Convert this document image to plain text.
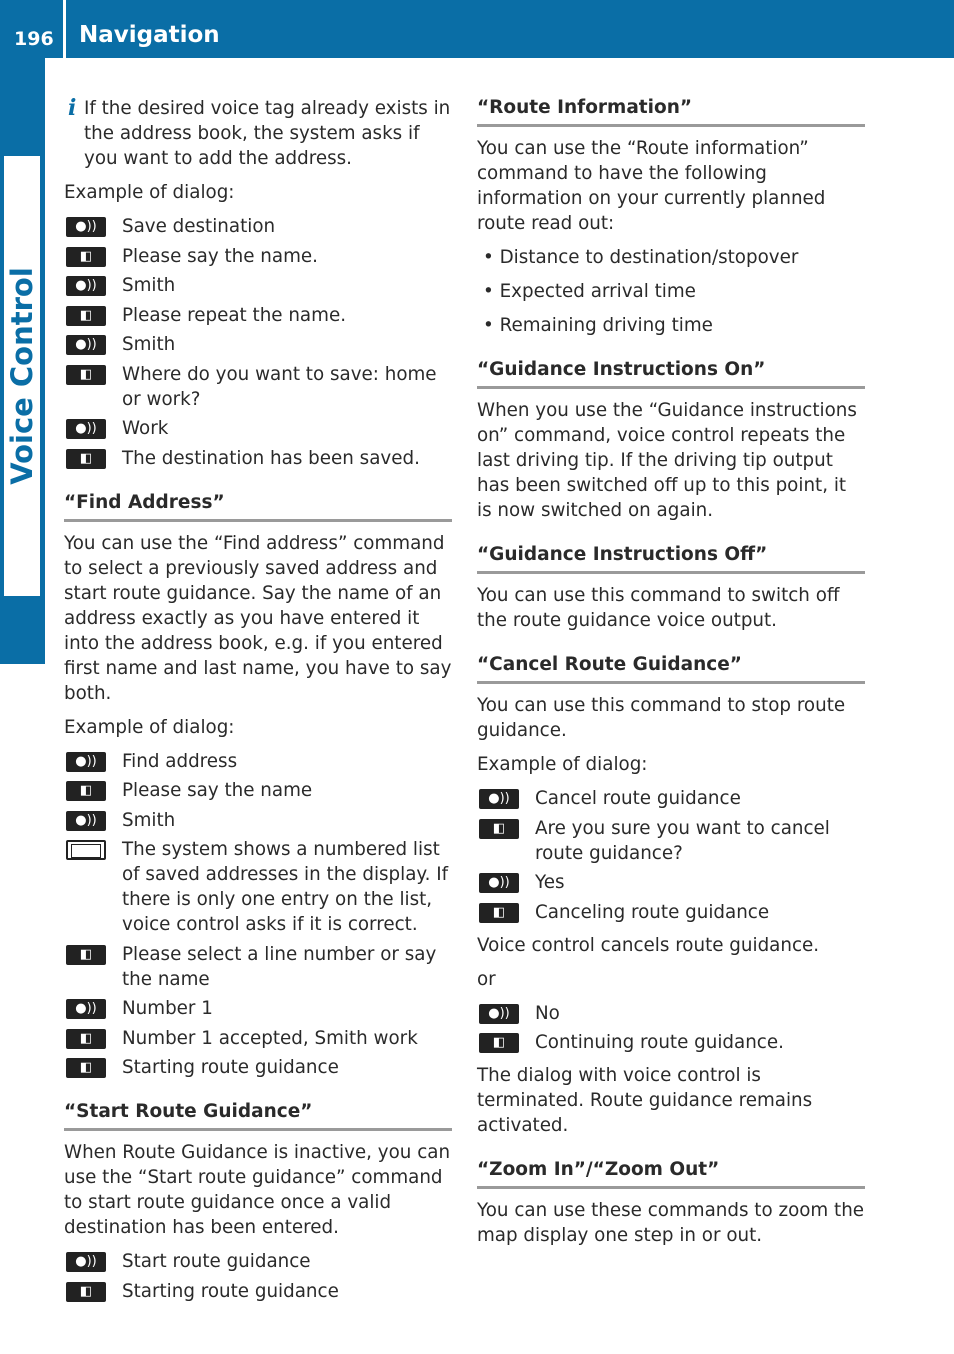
196 Navigation
Voice Control
i If the desired voice tag already exists in the address book, the system asks if you want to add the address.

Example of dialog:

●))	Save destination
◧	Please say the name.
●))	Smith
◧	Please repeat the name.
●))	Smith
◧	Where do you want to save: home or work?
●))	Work
◧	The destination has been saved.
“Find Address”

You can use the “Find address” command to select a previously saved address and start route guidance. Say the name of an address exactly as you have entered it into the address book, e.g. if you entered first name and last name, you have to say both.

Example of dialog:

●))	Find address
◧	Please say the name
●))	Smith
The system shows a numbered list of saved addresses in the display. If there is only one entry on the list, voice control asks if it is correct.
◧	Please select a line number or say the name
●))	Number 1
◧	Number 1 accepted, Smith work
◧	Starting route guidance
“Start Route Guidance”

When Route Guidance is inactive, you can use the “Start route guidance” command to start route guidance once a valid destination has been entered.

●))	Start route guidance
◧	Starting route guidance
“Route Information”

You can use the “Route information” command to have the following information on your currently planned route read out:

• Distance to destination/stopover
• Expected arrival time
• Remaining driving time
“Guidance Instructions On”

When you use the “Guidance instructions on” command, voice control repeats the last driving tip. If the driving tip output has been switched off up to this point, it is now switched on again.

“Guidance Instructions Off”

You can use this command to switch off the route guidance voice output.

“Cancel Route Guidance”

You can use this command to stop route guidance.

Example of dialog:

●))	Cancel route guidance
◧	Are you sure you want to cancel route guidance?
●))	Yes
◧	Canceling route guidance

Voice control cancels route guidance.

or

●))	No
◧	Continuing route guidance.

The dialog with voice control is terminated. Route guidance remains activated.

“Zoom In”/“Zoom Out”

You can use these commands to zoom the map display one step in or out.
